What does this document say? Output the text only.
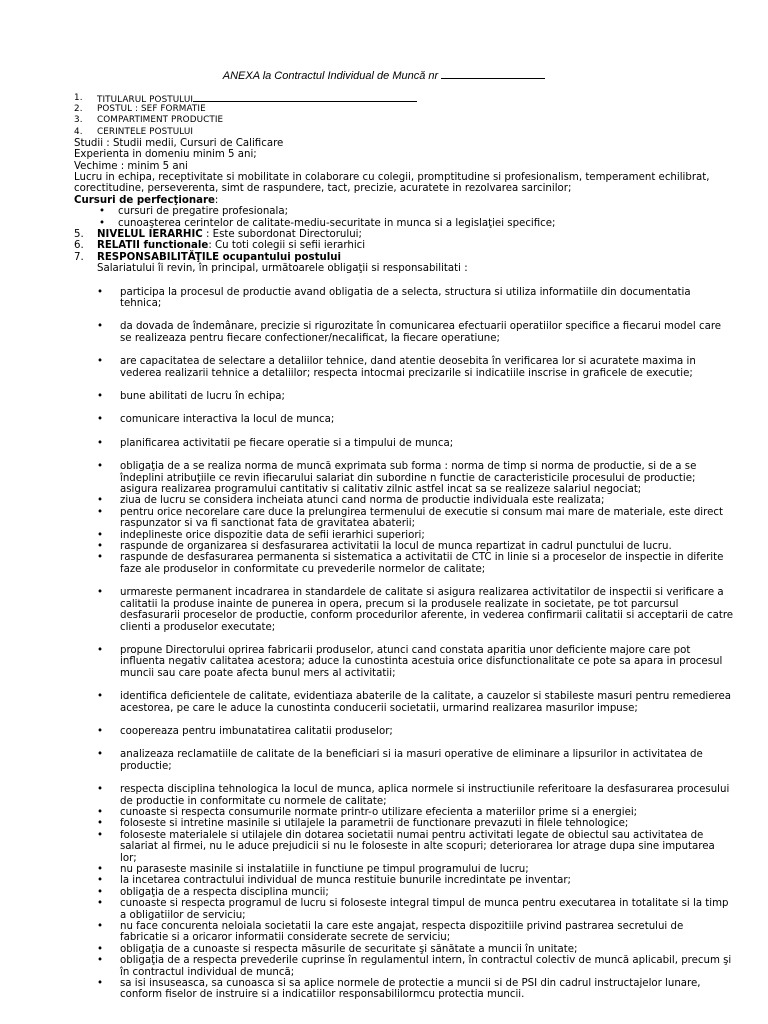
ANEXA la Contractul Individual de Muncă nr
1. TITULARUL POSTULUI
2. POSTUL : SEF FORMATIE
3. COMPARTIMENT PRODUCTIE
4. CERINTELE POSTULUI
Studii : Studii medii, Cursuri de Calificare
Experienta in domeniu minim 5 ani;
Vechime : minim 5 ani
Lucru in echipa, receptivitate si mobilitate in colaborare cu colegii, promptitudine si profesionalism, temperament echilibrat,
corectitudine, perseverenta, simt de raspundere, tact, precizie, acuratete in rezolvarea sarcinilor;
Cursuri de perfecţionare:
• cursuri de pregatire profesionala;
• cunoaşterea cerintelor de calitate-mediu-securitate in munca si a legislaţiei specifice;
5. NIVELUL IERARHIC : Este subordonat Directorului;
6. RELATII functionale: Cu toti colegii si sefii ierarhici
7. RESPONSABILITĂŢILE ocupantului postului
Salariatului îi revin, în principal, următoarele obligaţii si responsabilitati :
• participa la procesul de productie avand obligatia de a selecta, structura si utiliza informatiile din documentatia tehnica;
• da dovada de îndemânare, precizie si rigurozitate în comunicarea efectuarii operatiilor specifice a fiecarui model care se realizeaza pentru fiecare confectioner/necalificat, la fiecare operatiune;
• are capacitatea de selectare a detaliilor tehnice, dand atentie deosebita în verificarea lor si acuratete maxima in vederea realizarii tehnice a detaliilor; respecta intocmai precizarile si indicatiile inscrise in graficele de executie;
• bune abilitati de lucru în echipa;
• comunicare interactiva la locul de munca;
• planificarea activitatii pe fiecare operatie si a timpului de munca;
• obligaţia de a se realiza norma de muncă exprimata sub forma : norma de timp si norma de productie, si de a se îndeplini atribuţiile ce revin ifiecarului salariat din subordine n functie de caracteristicile procesului de productie; asigura realizarea programului cantitativ si calitativ zilnic astfel incat sa se realizeze salariul negociat;
• ziua de lucru se considera incheiata atunci cand norma de productie individuala este realizata;
• pentru orice necorelare care duce la prelungirea termenului de executie si consum mai mare de materiale, este direct raspunzator si va fi sanctionat fata de gravitatea abaterii;
• indeplineste orice dispozitie data de sefii ierarhici superiori;
• raspunde de organizarea si desfasurarea activitatii la locul de munca repartizat in cadrul punctului de lucru.
• raspunde de desfasurarea permanenta si sistematica a activitatii de CTC in linie si a proceselor de inspectie in diferite faze ale produselor in conformitate cu prevederile normelor de calitate;
• urmareste permanent incadrarea in standardele de calitate si asigura realizarea activitatilor de inspectii si verificare a calitatii la produse inainte de punerea in opera, precum si la produsele realizate in societate, pe tot parcursul desfasurarii proceselor de productie, conform procedurilor aferente, in vederea confirmarii calitatii si acceptarii de catre clienti a produselor executate;
• propune Directorului oprirea fabricarii produselor, atunci cand constata aparitia unor deficiente majore care pot influenta negativ calitatea acestora; aduce la cunostinta acestuia orice disfunctionalitate ce pote sa apara in procesul muncii sau care poate afecta bunul mers al activitatii;
• identifica deficientele de calitate, evidentiaza abaterile de la calitate, a cauzelor si stabileste masuri pentru remedierea acestorea, pe care le aduce la cunostinta conducerii societatii, urmarind realizarea masurilor impuse;
• coopereaza pentru imbunatatirea calitatii produselor;
• analizeaza reclamatiile de calitate de la beneficiari si ia masuri operative de eliminare a lipsurilor in activitatea de productie;
• respecta disciplina tehnologica la locul de munca, aplica normele si instructiunile referitoare la desfasurarea procesului de productie in conformitate cu normele de calitate;
• cunoaste si respecta consumurile normate printr-o utilizare efecienta a materiilor prime si a energiei;
• foloseste si intretine masinile si utilajele la parametrii de functionare prevazuti in filele tehnologice;
• foloseste materialele si utilajele din dotarea societatii numai pentru activitati legate de obiectul sau activitatea de salariat al firmei, nu le aduce prejudicii si nu le foloseste in alte scopuri; deteriorarea lor atrage dupa sine imputarea lor;
• nu paraseste masinile si instalatiile in functiune pe timpul programului de lucru;
• la incetarea contractului individual de munca restituie bunurile incredintate pe inventar;
• obligaţia de a respecta disciplina muncii;
• cunoaste si respecta programul de lucru si foloseste integral timpul de munca pentru executarea in totalitate si la timp a obligatiilor de serviciu;
• nu face concurenta neloiala societatii la care este angajat, respecta dispozitiile privind pastrarea secretului de fabricatie si a oricaror informatii considerate secrete de serviciu;
• obligaţia de a cunoaste si respecta măsurile de securitate şi sănătate a muncii în unitate;
• obligaţia de a respecta prevederile cuprinse în regulamentul intern, în contractul colectiv de muncă aplicabil, precum şi în contractul individual de muncă;
• sa isi insuseasca, sa cunoasca si sa aplice normele de protectie a muncii si de PSI din cadrul instructajelor lunare, conform fiselor de instruire si a indicatiilor responsabililormcu protectia muncii.
